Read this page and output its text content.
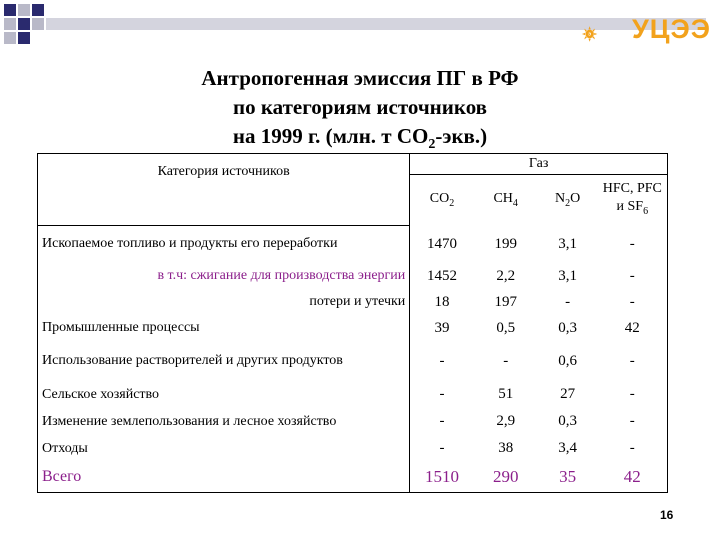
Э УЦЭЭ
Антропогенная эмиссия ПГ в РФ
по категориям источников
на 1999 г. (млн. т $СО_2-экв$.)
Категория источников	Газ			
	$CO_2$	$CH_4$	$N_2O$	HFC, PFC
и $SF_6$
Ископаемое топливо и продукты его переработки	1470	199	3,1	-
в т.ч: сжигание для производства энергии	1452	2,2	3,1	-
потери и утечки	18	197	-	-
Промышленные процессы	39	0,5	0,3	42
Использование растворителей и других продуктов	-	-	0,6	-
Сельское хозяйство	-	51	27	-
Изменение землепользования и лесное хозяйство	-	2,9	0,3	-
Отходы	-	38	3,4	-
Всего	1510	290	35	42
16
